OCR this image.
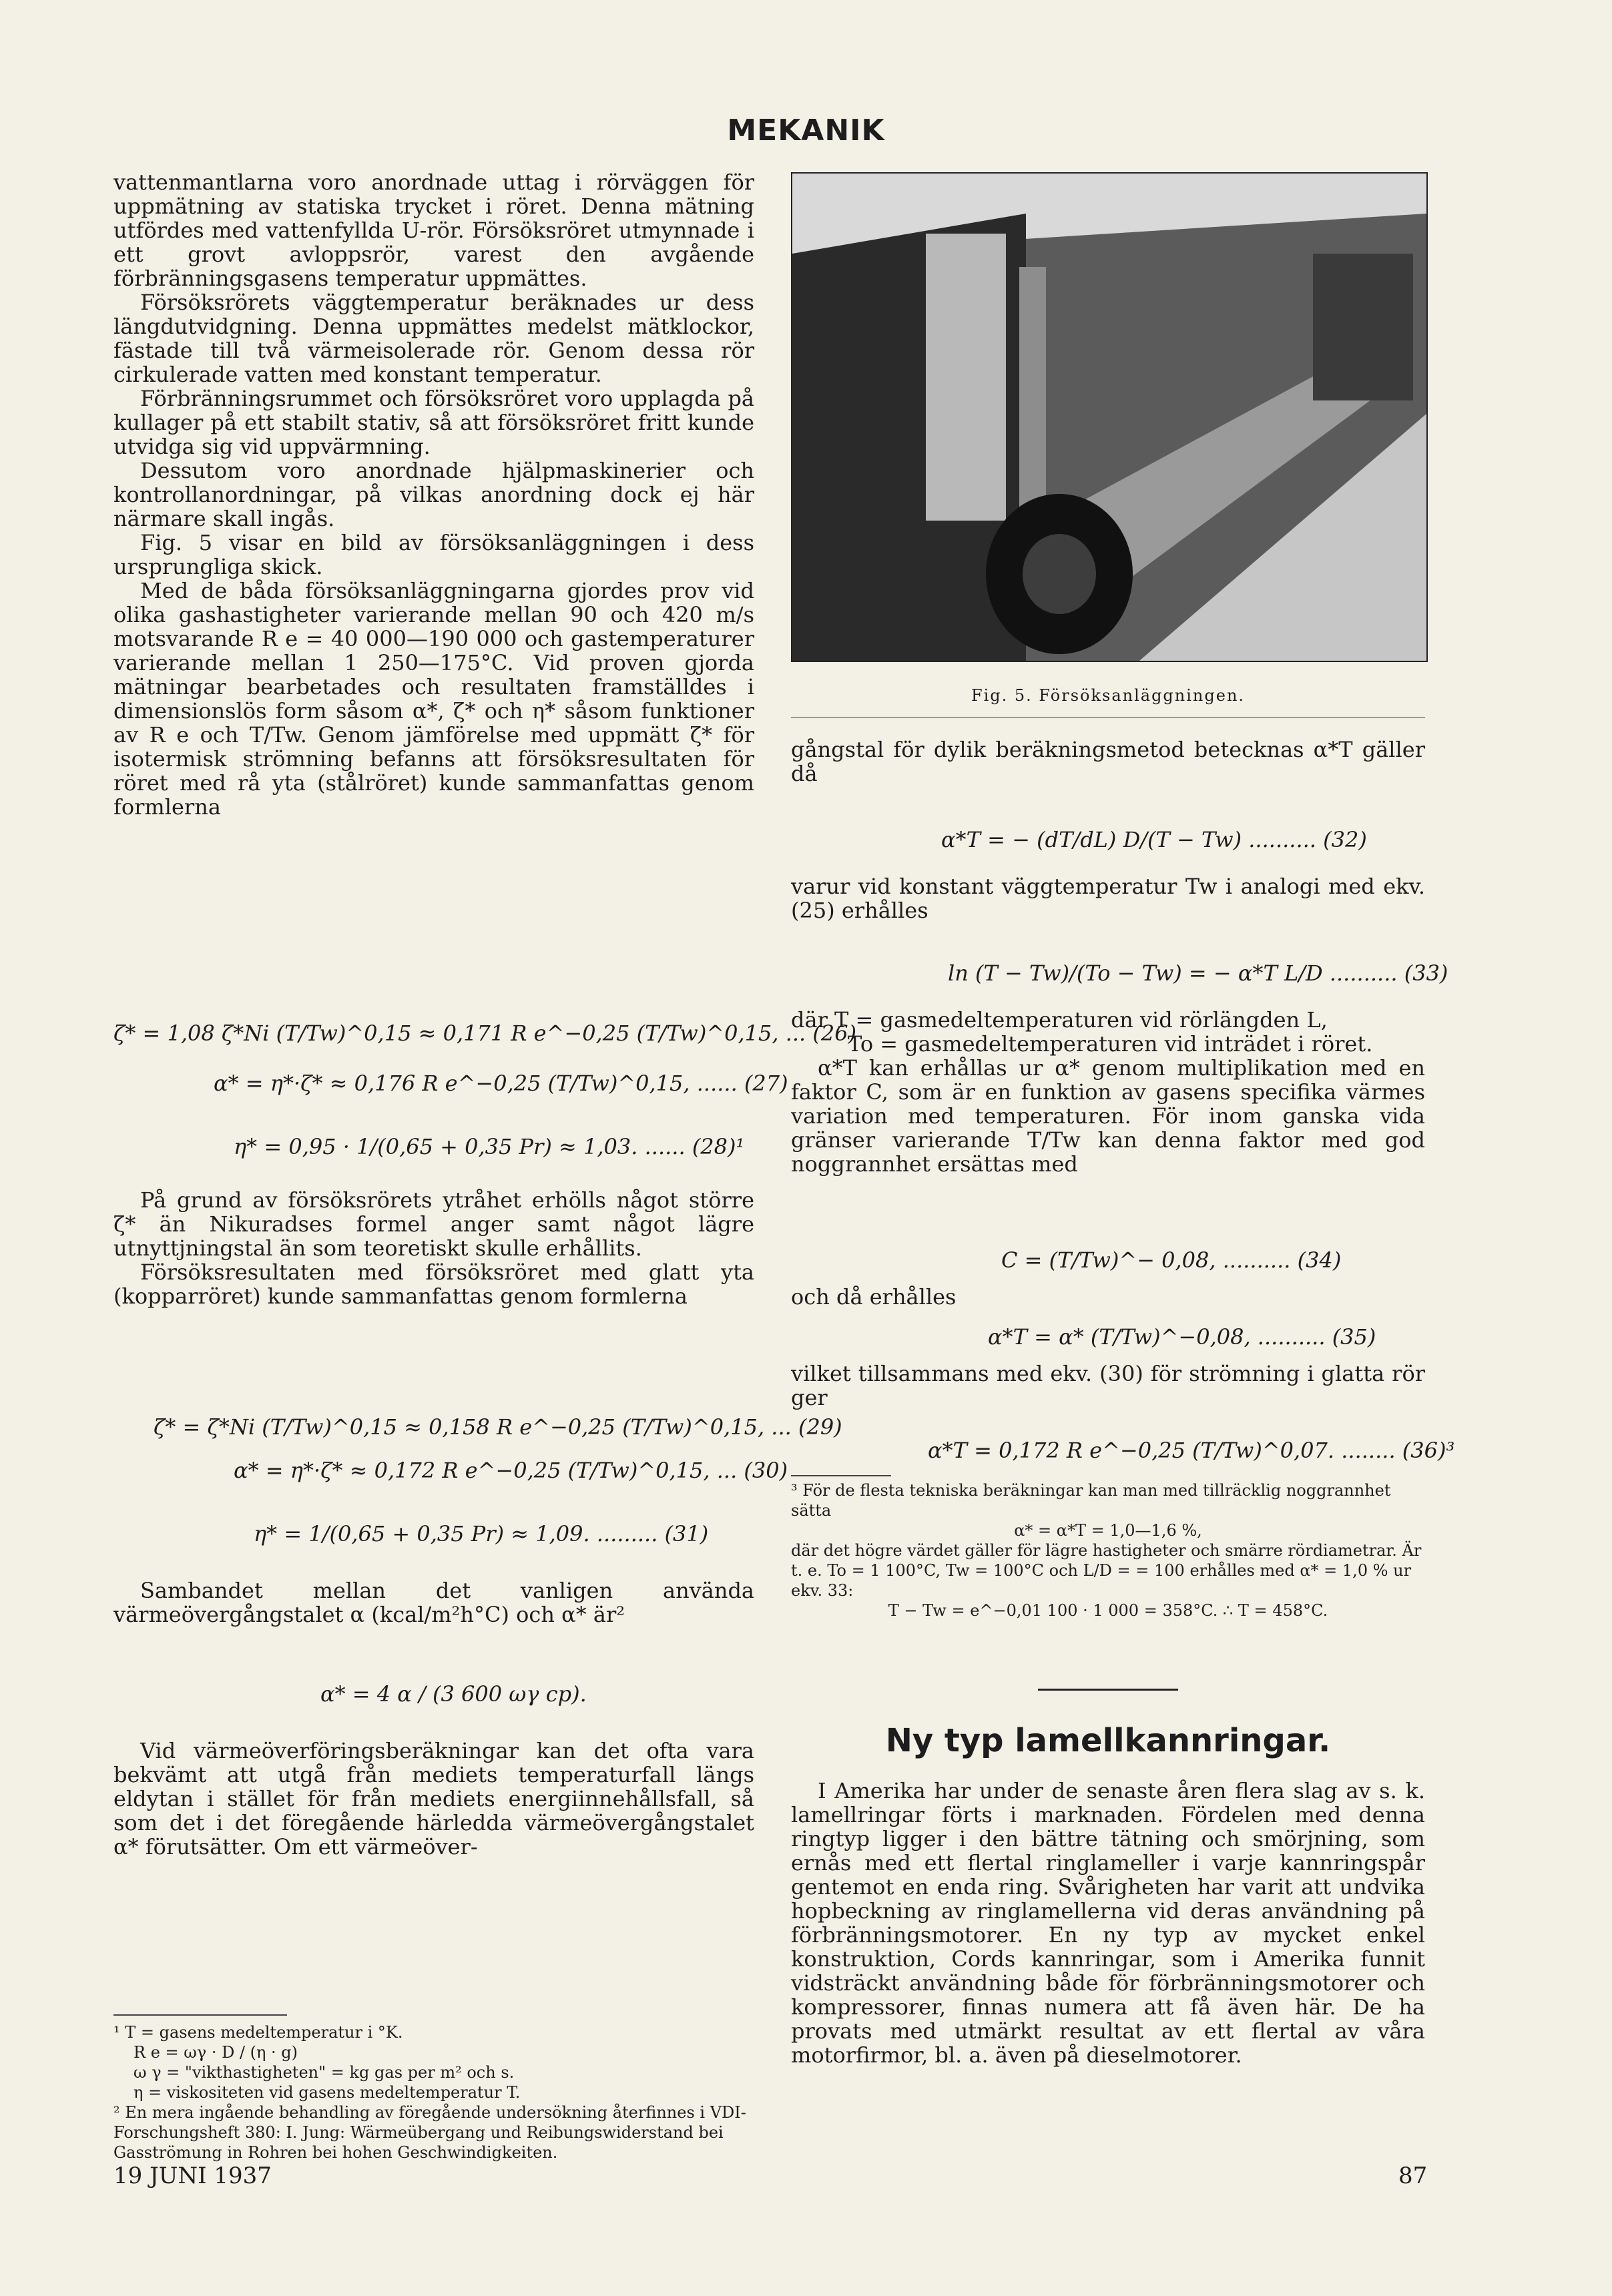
MEKANIK

vattenmantlarna voro anordnade uttag i rörväggen för uppmätning av statiska trycket i röret. Denna mätning utfördes med vattenfyllda U-rör. Försöksröret utmynnade i ett grovt avloppsrör, varest den avgående förbränningsgasens temperatur uppmättes.

Försöksrörets väggtemperatur beräknades ur dess längdutvidgning. Denna uppmättes medelst mätklockor, fästade till två värmeisolerade rör. Genom dessa rör cirkulerade vatten med konstant temperatur.

Förbränningsrummet och försöksröret voro upplagda på kullager på ett stabilt stativ, så att försöksröret fritt kunde utvidga sig vid uppvärmning.

Dessutom voro anordnade hjälpmaskinerier och kontrollanordningar, på vilkas anordning dock ej här närmare skall ingås.

Fig. 5 visar en bild av försöksanläggningen i dess ursprungliga skick.

Med de båda försöksanläggningarna gjordes prov vid olika gashastigheter varierande mellan 90 och 420 m/s motsvarande R e = 40 000—190 000 och gastemperaturer varierande mellan 1 250—175°C. Vid proven gjorda mätningar bearbetades och resultaten framställdes i dimensionslös form såsom α*, ζ* och η* såsom funktioner av R e och T/Tw. Genom jämförelse med uppmätt ζ* för isotermisk strömning befanns att försöksresultaten för röret med rå yta (stålröret) kunde sammanfattas genom formlerna

ζ* = 1,08 ζ*Ni (T/Tw)^0,15 ≈ 0,171 R e^−0,25 (T/Tw)^0,15, ... (26)
α* = η*·ζ* ≈ 0,176 R e^−0,25 (T/Tw)^0,15, ...... (27)
η* = 0,95 · 1/(0,65 + 0,35 Pr) ≈ 1,03. ...... (28)¹

På grund av försöksrörets ytråhet erhölls något större ζ* än Nikuradses formel anger samt något lägre utnyttjningstal än som teoretiskt skulle erhållits.

Försöksresultaten med försöksröret med glatt yta (kopparröret) kunde sammanfattas genom formlerna

ζ* = ζ*Ni (T/Tw)^0,15 ≈ 0,158 R e^−0,25 (T/Tw)^0,15, ... (29)
α* = η*·ζ* ≈ 0,172 R e^−0,25 (T/Tw)^0,15, ... (30)
η* = 1/(0,65 + 0,35 Pr) ≈ 1,09. ......... (31)

Sambandet mellan det vanligen använda värmeövergångstalet α (kcal/m²h°C) och α* är²

α* = 4 α / (3 600 ωγ cp).

Vid värmeöverföringsberäkningar kan det ofta vara bekvämt att utgå från mediets temperaturfall längs eldytan i stället för från mediets energiinnehållsfall, så som det i det föregående härledda värmeövergångstalet α* förutsätter. Om ett värmeöver-

¹ T = gasens medeltemperatur i °K.

R e = ωγ · D / (η · g)

ω γ = "vikthastigheten" = kg gas per m² och s.

η = viskositeten vid gasens medeltemperatur T.

² En mera ingående behandling av föregående undersökning återfinnes i VDI-Forschungsheft 380: I. Jung: Wärmeübergang und Reibungswiderstand bei Gasströmung in Rohren bei hohen Geschwindigkeiten.

Fig. 5. Försöksanläggningen.

gångstal för dylik beräkningsmetod betecknas α*T gäller då

α*T = − (dT/dL) D/(T − Tw) .......... (32)

varur vid konstant väggtemperatur Tw i analogi med ekv. (25) erhålles

ln (T − Tw)/(To − Tw) = − α*T L/D .......... (33)

där T = gasmedeltemperaturen vid rörlängden L,

To = gasmedeltemperaturen vid inträdet i röret.

α*T kan erhållas ur α* genom multiplikation med en faktor C, som är en funktion av gasens specifika värmes variation med temperaturen. För inom ganska vida gränser varierande T/Tw kan denna faktor med god noggrannhet ersättas med

C = (T/Tw)^− 0,08, .......... (34)

och då erhålles

α*T = α* (T/Tw)^−0,08, .......... (35)

vilket tillsammans med ekv. (30) för strömning i glatta rör ger

α*T = 0,172 R e^−0,25 (T/Tw)^0,07. ........ (36)³

³ För de flesta tekniska beräkningar kan man med tillräcklig noggrannhet sätta

α* = α*T = 1,0—1,6 %,

där det högre värdet gäller för lägre hastigheter och smärre rördiametrar. Är t. e. To = 1 100°C, Tw = 100°C och L/D = = 100 erhålles med α* = 1,0 % ur ekv. 33:

T − Tw = e^−0,01 100 · 1 000 = 358°C. ∴ T = 458°C.

Ny typ lamellkannringar.

I Amerika har under de senaste åren flera slag av s. k. lamellringar förts i marknaden. Fördelen med denna ringtyp ligger i den bättre tätning och smörjning, som ernås med ett flertal ringlameller i varje kannringspår gentemot en enda ring. Svårigheten har varit att undvika hopbeckning av ringlamellerna vid deras användning på förbränningsmotorer. En ny typ av mycket enkel konstruktion, Cords kannringar, som i Amerika funnit vidsträckt användning både för förbränningsmotorer och kompressorer, finnas numera att få även här. De ha provats med utmärkt resultat av ett flertal av våra motorfirmor, bl. a. även på dieselmotorer.

19 JUNI 1937	87
